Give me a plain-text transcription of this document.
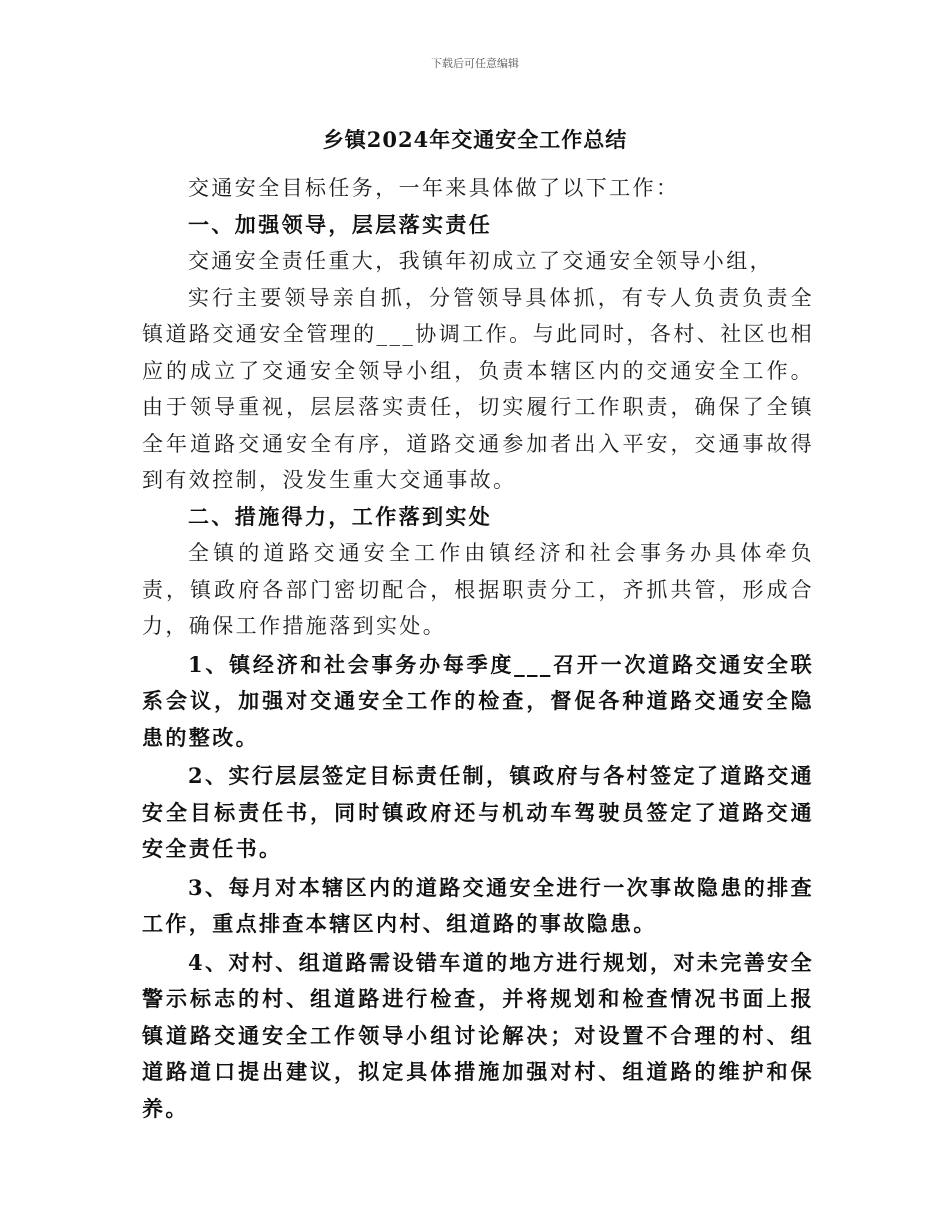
下载后可任意编辑
乡镇2024年交通安全工作总结

交通安全目标任务，一年来具体做了以下工作：

一、加强领导，层层落实责任

交通安全责任重大，我镇年初成立了交通安全领导小组，

实行主要领导亲自抓，分管领导具体抓，有专人负责负责全镇道路交通安全管理的___协调工作。与此同时，各村、社区也相应的成立了交通安全领导小组，负责本辖区内的交通安全工作。由于领导重视，层层落实责任，切实履行工作职责，确保了全镇全年道路交通安全有序，道路交通参加者出入平安，交通事故得到有效控制，没发生重大交通事故。

二、措施得力，工作落到实处

全镇的道路交通安全工作由镇经济和社会事务办具体牵负责，镇政府各部门密切配合，根据职责分工，齐抓共管，形成合力，确保工作措施落到实处。

1、镇经济和社会事务办每季度___召开一次道路交通安全联系会议，加强对交通安全工作的检查，督促各种道路交通安全隐患的整改。

2、实行层层签定目标责任制，镇政府与各村签定了道路交通安全目标责任书，同时镇政府还与机动车驾驶员签定了道路交通安全责任书。

3、每月对本辖区内的道路交通安全进行一次事故隐患的排查工作，重点排查本辖区内村、组道路的事故隐患。

4、对村、组道路需设错车道的地方进行规划，对未完善安全警示标志的村、组道路进行检查，并将规划和检查情况书面上报镇道路交通安全工作领导小组讨论解决；对设置不合理的村、组道路道口提出建议，拟定具体措施加强对村、组道路的维护和保养。
